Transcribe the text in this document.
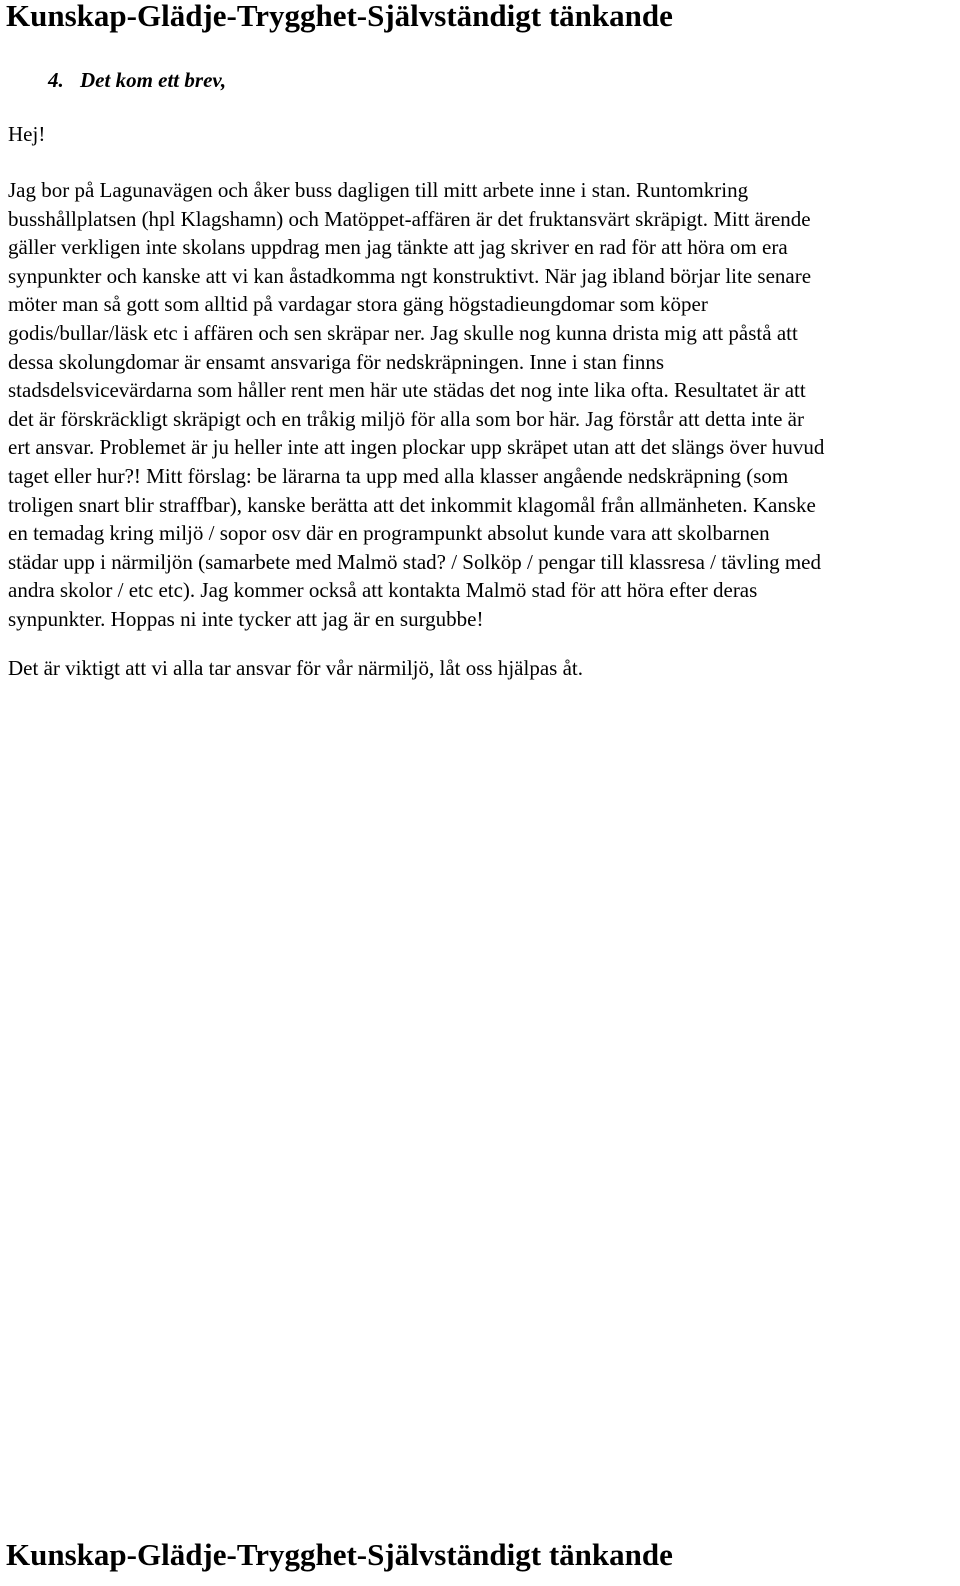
Kunskap-Glädje-Trygghet-Självständigt tänkande
4. Det kom ett brev,
Hej!

Jag bor på Lagunavägen och åker buss dagligen till mitt arbete inne i stan. Runtomkring
busshållplatsen (hpl Klagshamn) och Matöppet-affären är det fruktansvärt skräpigt. Mitt ärende
gäller verkligen inte skolans uppdrag men jag tänkte att jag skriver en rad för att höra om era
synpunkter och kanske att vi kan åstadkomma ngt konstruktivt. När jag ibland börjar lite senare
möter man så gott som alltid på vardagar stora gäng högstadieungdomar som köper
godis/bullar/läsk etc i affären och sen skräpar ner. Jag skulle nog kunna drista mig att påstå att
dessa skolungdomar är ensamt ansvariga för nedskräpningen. Inne i stan finns
stadsdelsvicevärdarna som håller rent men här ute städas det nog inte lika ofta. Resultatet är att
det är förskräckligt skräpigt och en tråkig miljö för alla som bor här. Jag förstår att detta inte är
ert ansvar. Problemet är ju heller inte att ingen plockar upp skräpet utan att det slängs över huvud
taget eller hur?! Mitt förslag: be lärarna ta upp med alla klasser angående nedskräpning (som
troligen snart blir straffbar), kanske berätta att det inkommit klagomål från allmänheten. Kanske
en temadag kring miljö / sopor osv där en programpunkt absolut kunde vara att skolbarnen
städar upp i närmiljön (samarbete med Malmö stad? / Solköp / pengar till klassresa / tävling med
andra skolor / etc etc). Jag kommer också att kontakta Malmö stad för att höra efter deras
synpunkter. Hoppas ni inte tycker att jag är en surgubbe!

Det är viktigt att vi alla tar ansvar för vår närmiljö, låt oss hjälpas åt.
Kunskap-Glädje-Trygghet-Självständigt tänkande
